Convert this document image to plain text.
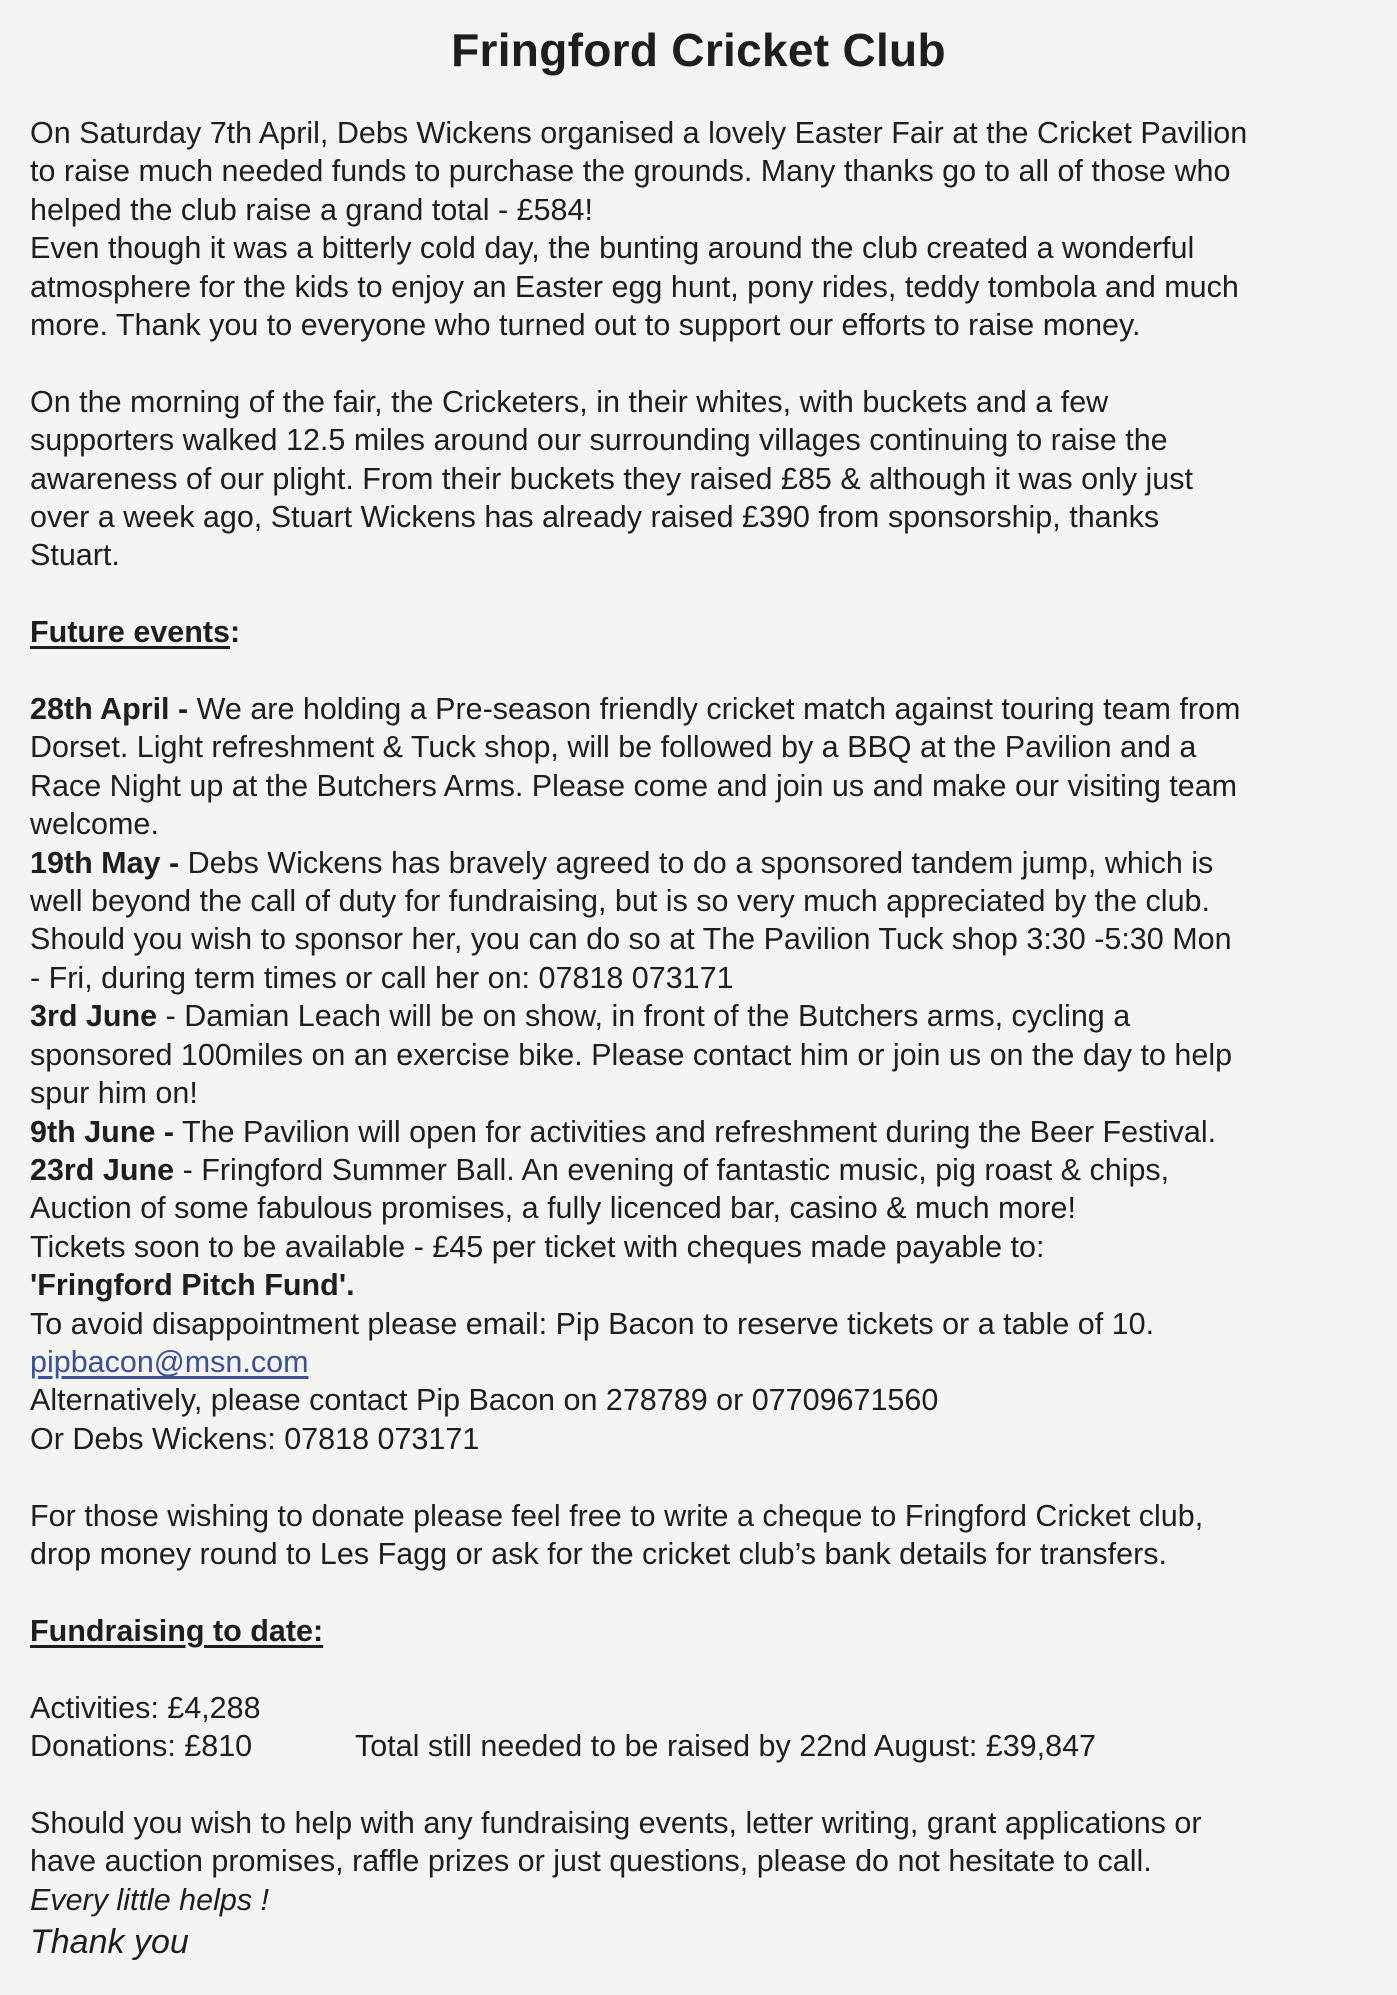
Fringford Cricket Club
On Saturday 7th April, Debs Wickens organised a lovely Easter Fair at the Cricket Pavilion
to raise much needed funds to purchase the grounds. Many thanks go to all of those who
helped the club raise a grand total - £584!
Even though it was a bitterly cold day, the bunting around the club created a wonderful
atmosphere for the kids to enjoy an Easter egg hunt, pony rides, teddy tombola and much
more. Thank you to everyone who turned out to support our efforts to raise money.
On the morning of the fair, the Cricketers, in their whites, with buckets and a few
supporters walked 12.5 miles around our surrounding villages continuing to raise the
awareness of our plight. From their buckets they raised £85 & although it was only just
over a week ago, Stuart Wickens has already raised £390 from sponsorship, thanks
Stuart.
Future events:
28th April - We are holding a Pre-season friendly cricket match against touring team from
Dorset. Light refreshment & Tuck shop, will be followed by a BBQ at the Pavilion and a
Race Night up at the Butchers Arms. Please come and join us and make our visiting team
welcome.
19th May - Debs Wickens has bravely agreed to do a sponsored tandem jump, which is
well beyond the call of duty for fundraising, but is so very much appreciated by the club.
Should you wish to sponsor her, you can do so at The Pavilion Tuck shop 3:30 -5:30 Mon
- Fri, during term times or call her on: 07818 073171
3rd June - Damian Leach will be on show, in front of the Butchers arms, cycling a
sponsored 100miles on an exercise bike. Please contact him or join us on the day to help
spur him on!
9th June - The Pavilion will open for activities and refreshment during the Beer Festival.
23rd June - Fringford Summer Ball. An evening of fantastic music, pig roast & chips,
Auction of some fabulous promises, a fully licenced bar, casino & much more!
Tickets soon to be available - £45 per ticket with cheques made payable to:
'Fringford Pitch Fund'.
To avoid disappointment please email: Pip Bacon to reserve tickets or a table of 10.
pipbacon@msn.com
Alternatively, please contact Pip Bacon on 278789 or 07709671560
Or Debs Wickens: 07818 073171
For those wishing to donate please feel free to write a cheque to Fringford Cricket club,
drop money round to Les Fagg or ask for the cricket club’s bank details for transfers.
Fundraising to date:
Activities: £4,288
Donations: £810	Total still needed to be raised by 22nd August: £39,847
Should you wish to help with any fundraising events, letter writing, grant applications or
have auction promises, raffle prizes or just questions, please do not hesitate to call.
Every little helps !
Thank you
